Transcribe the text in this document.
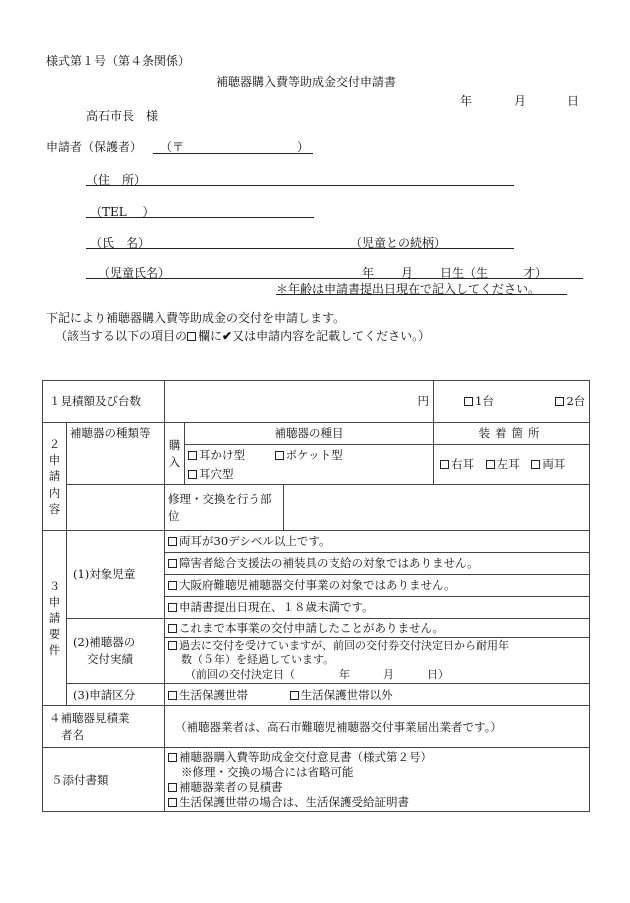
様式第１号（第４条関係）
補聴器購入費等助成金交付申請書
年	月	日
高石市長　様
申請者（保護者） （〒	）
（住　所）
（TEL　 ）
（氏　名）	（児童との続柄）
（児童氏名）	年 月 日生（生	才）
＊年齢は申請書提出日現在で記入してください。
下記により補聴器購入費等助成金の交付を申請します。
（該当する以下の項目の 欄に✔又は申請内容を記載してください。）
１見積額及び台数		円			1台 2台
２申請内容	補聴器の種類等	購入	補聴器の種目		装着箇所
			耳かけ型 ポケット型		右耳 左耳 両耳
			耳穴型		
		修理・交換を行う部位			
３申請要件	(1)対象児童	両耳が30デシベル以上です。			
		障害者総合支援法の補装具の支給の対象ではありません。			
		大阪府難聴児補聴器交付事業の対象ではありません。			
		申請書提出日現在、１８歳未満です。			

	(2)補聴器の
交付実績	これまで本事業の交付申請したことがありません。			

		過去に交付を受けていますが、前回の交付券交付決定日から耐用年
数（５年）を経過しています。
（前回の交付決定日（　　　　年　　　月　　　日）			

	(3)申請区分	生活保護世帯 生活保護世帯以外			

４補聴器見積業
者名		（補聴器業者は、高石市難聴児補聴器交付事業届出業者です。）			
５添付書類		補聴器購入費等助成金交付意見書（様式第２号）
※修理・交換の場合には省略可能
補聴器業者の見積書
生活保護世帯の場合は、生活保護受給証明書			
